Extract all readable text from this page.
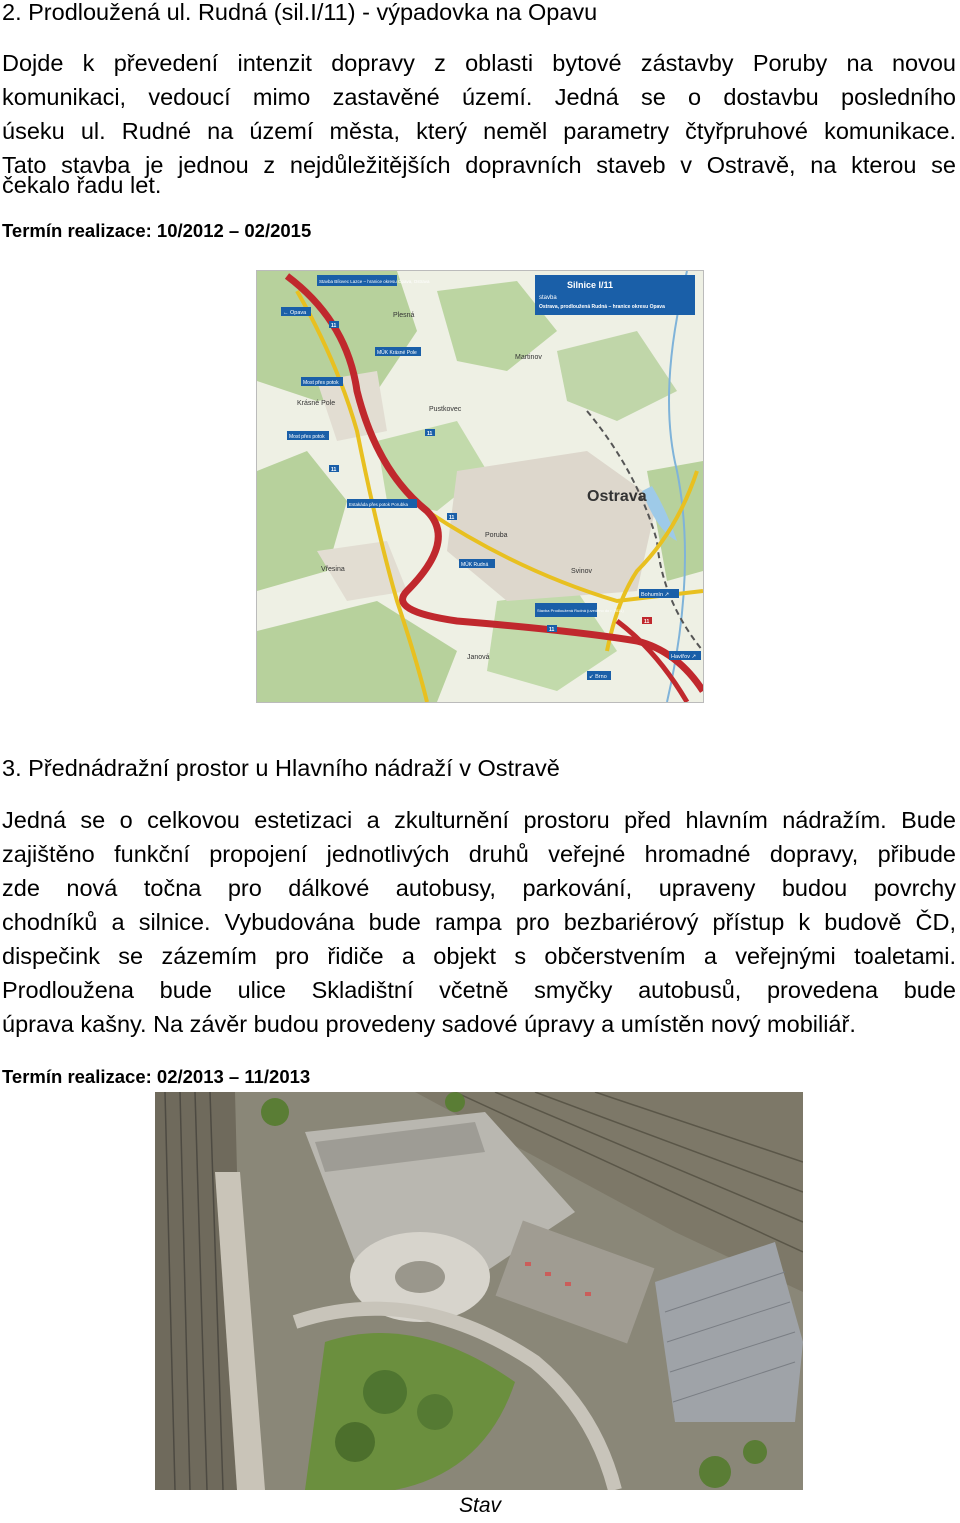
2. Prodloužená ul. Rudná (sil.I/11) - výpadovka na Opavu
Dojde k převedení intenzit dopravy z oblasti bytové zástavby Poruby na novou
komunikaci, vedoucí mimo zastavěné území. Jedná se o dostavbu posledního
úseku ul. Rudné na území města, který neměl parametry čtyřpruhové komunikace.
Tato stavba je jednou z nejdůležitějších dopravních staveb v Ostravě, na kterou se
čekalo řadu let.
Termín realizace: 10/2012 – 02/2015
Stavba Bílovec Lazce – hranice okresu Opava, Ostrava	Silnice I/11
stavba
Ostrava, prodloužená Rudná – hranice okresu Opava
Plesná
Martinov
Krásné Pole
Pustkovec
Ostrava
Poruba
Vřesina	Svinov
Janová
← Opava
MÚK Krásné Pole
Most přes potok
Most přes potok
Estakáda přes potok Porubka
MÚK Rudná
Bohumín ↗
Stavba Prodloužená Rudná (uvedeno do r. 2011)
Havířov ↗
↙ Brno
11
11
11
11
11
11
3. Přednádražní prostor u Hlavního nádraží v Ostravě
Jedná se o celkovou estetizaci a zkulturnění prostoru před hlavním nádražím. Bude
zajištěno funkční propojení jednotlivých druhů veřejné hromadné dopravy, přibude
zde nová točna pro dálkové autobusy, parkování, upraveny budou povrchy
chodníků a silnice. Vybudována bude rampa pro bezbariérový přístup k budově ČD,
dispečink se zázemím pro řidiče a objekt s občerstvením a veřejnými toaletami.
Prodloužena bude ulice Skladištní včetně smyčky autobusů, provedena bude
úprava kašny. Na závěr budou provedeny sadové úpravy a umístěn nový mobiliář.
Termín realizace: 02/2013 – 11/2013
Stav
